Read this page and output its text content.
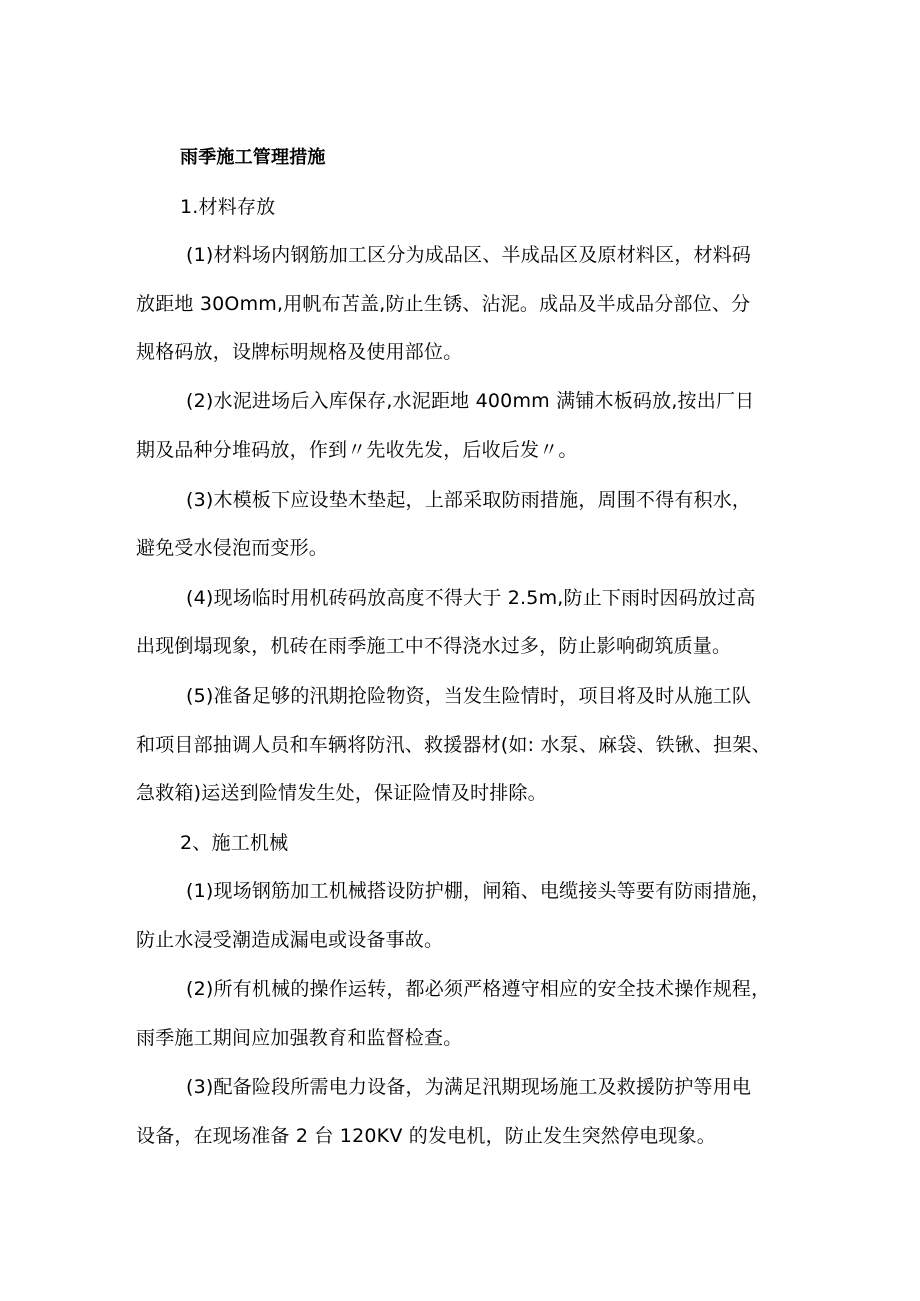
雨季施工管理措施
1.材料存放
(1)材料场内钢筋加工区分为成品区、半成品区及原材料区，材料码
放距地 30Omm,用帆布苫盖,防止生锈、沾泥。成品及半成品分部位、分
规格码放，设牌标明规格及使用部位。
(2)水泥进场后入库保存,水泥距地 400mm 满铺木板码放,按出厂日
期及品种分堆码放，作到〃先收先发，后收后发〃。
(3)木模板下应设垫木垫起，上部采取防雨措施，周围不得有积水，
避免受水侵泡而变形。
(4)现场临时用机砖码放高度不得大于 2.5m,防止下雨时因码放过高
出现倒塌现象，机砖在雨季施工中不得浇水过多，防止影响砌筑质量。
(5)准备足够的汛期抢险物资，当发生险情时，项目将及时从施工队
和项目部抽调人员和车辆将防汛、救援器材(如: 水泵、麻袋、铁锹、担架、
急救箱)运送到险情发生处，保证险情及时排除。
2、施工机械
(1)现场钢筋加工机械搭设防护棚，闸箱、电缆接头等要有防雨措施，
防止水浸受潮造成漏电或设备事故。
(2)所有机械的操作运转，都必须严格遵守相应的安全技术操作规程，
雨季施工期间应加强教育和监督检查。
(3)配备险段所需电力设备，为满足汛期现场施工及救援防护等用电
设备，在现场准备 2 台 120KV 的发电机，防止发生突然停电现象。
